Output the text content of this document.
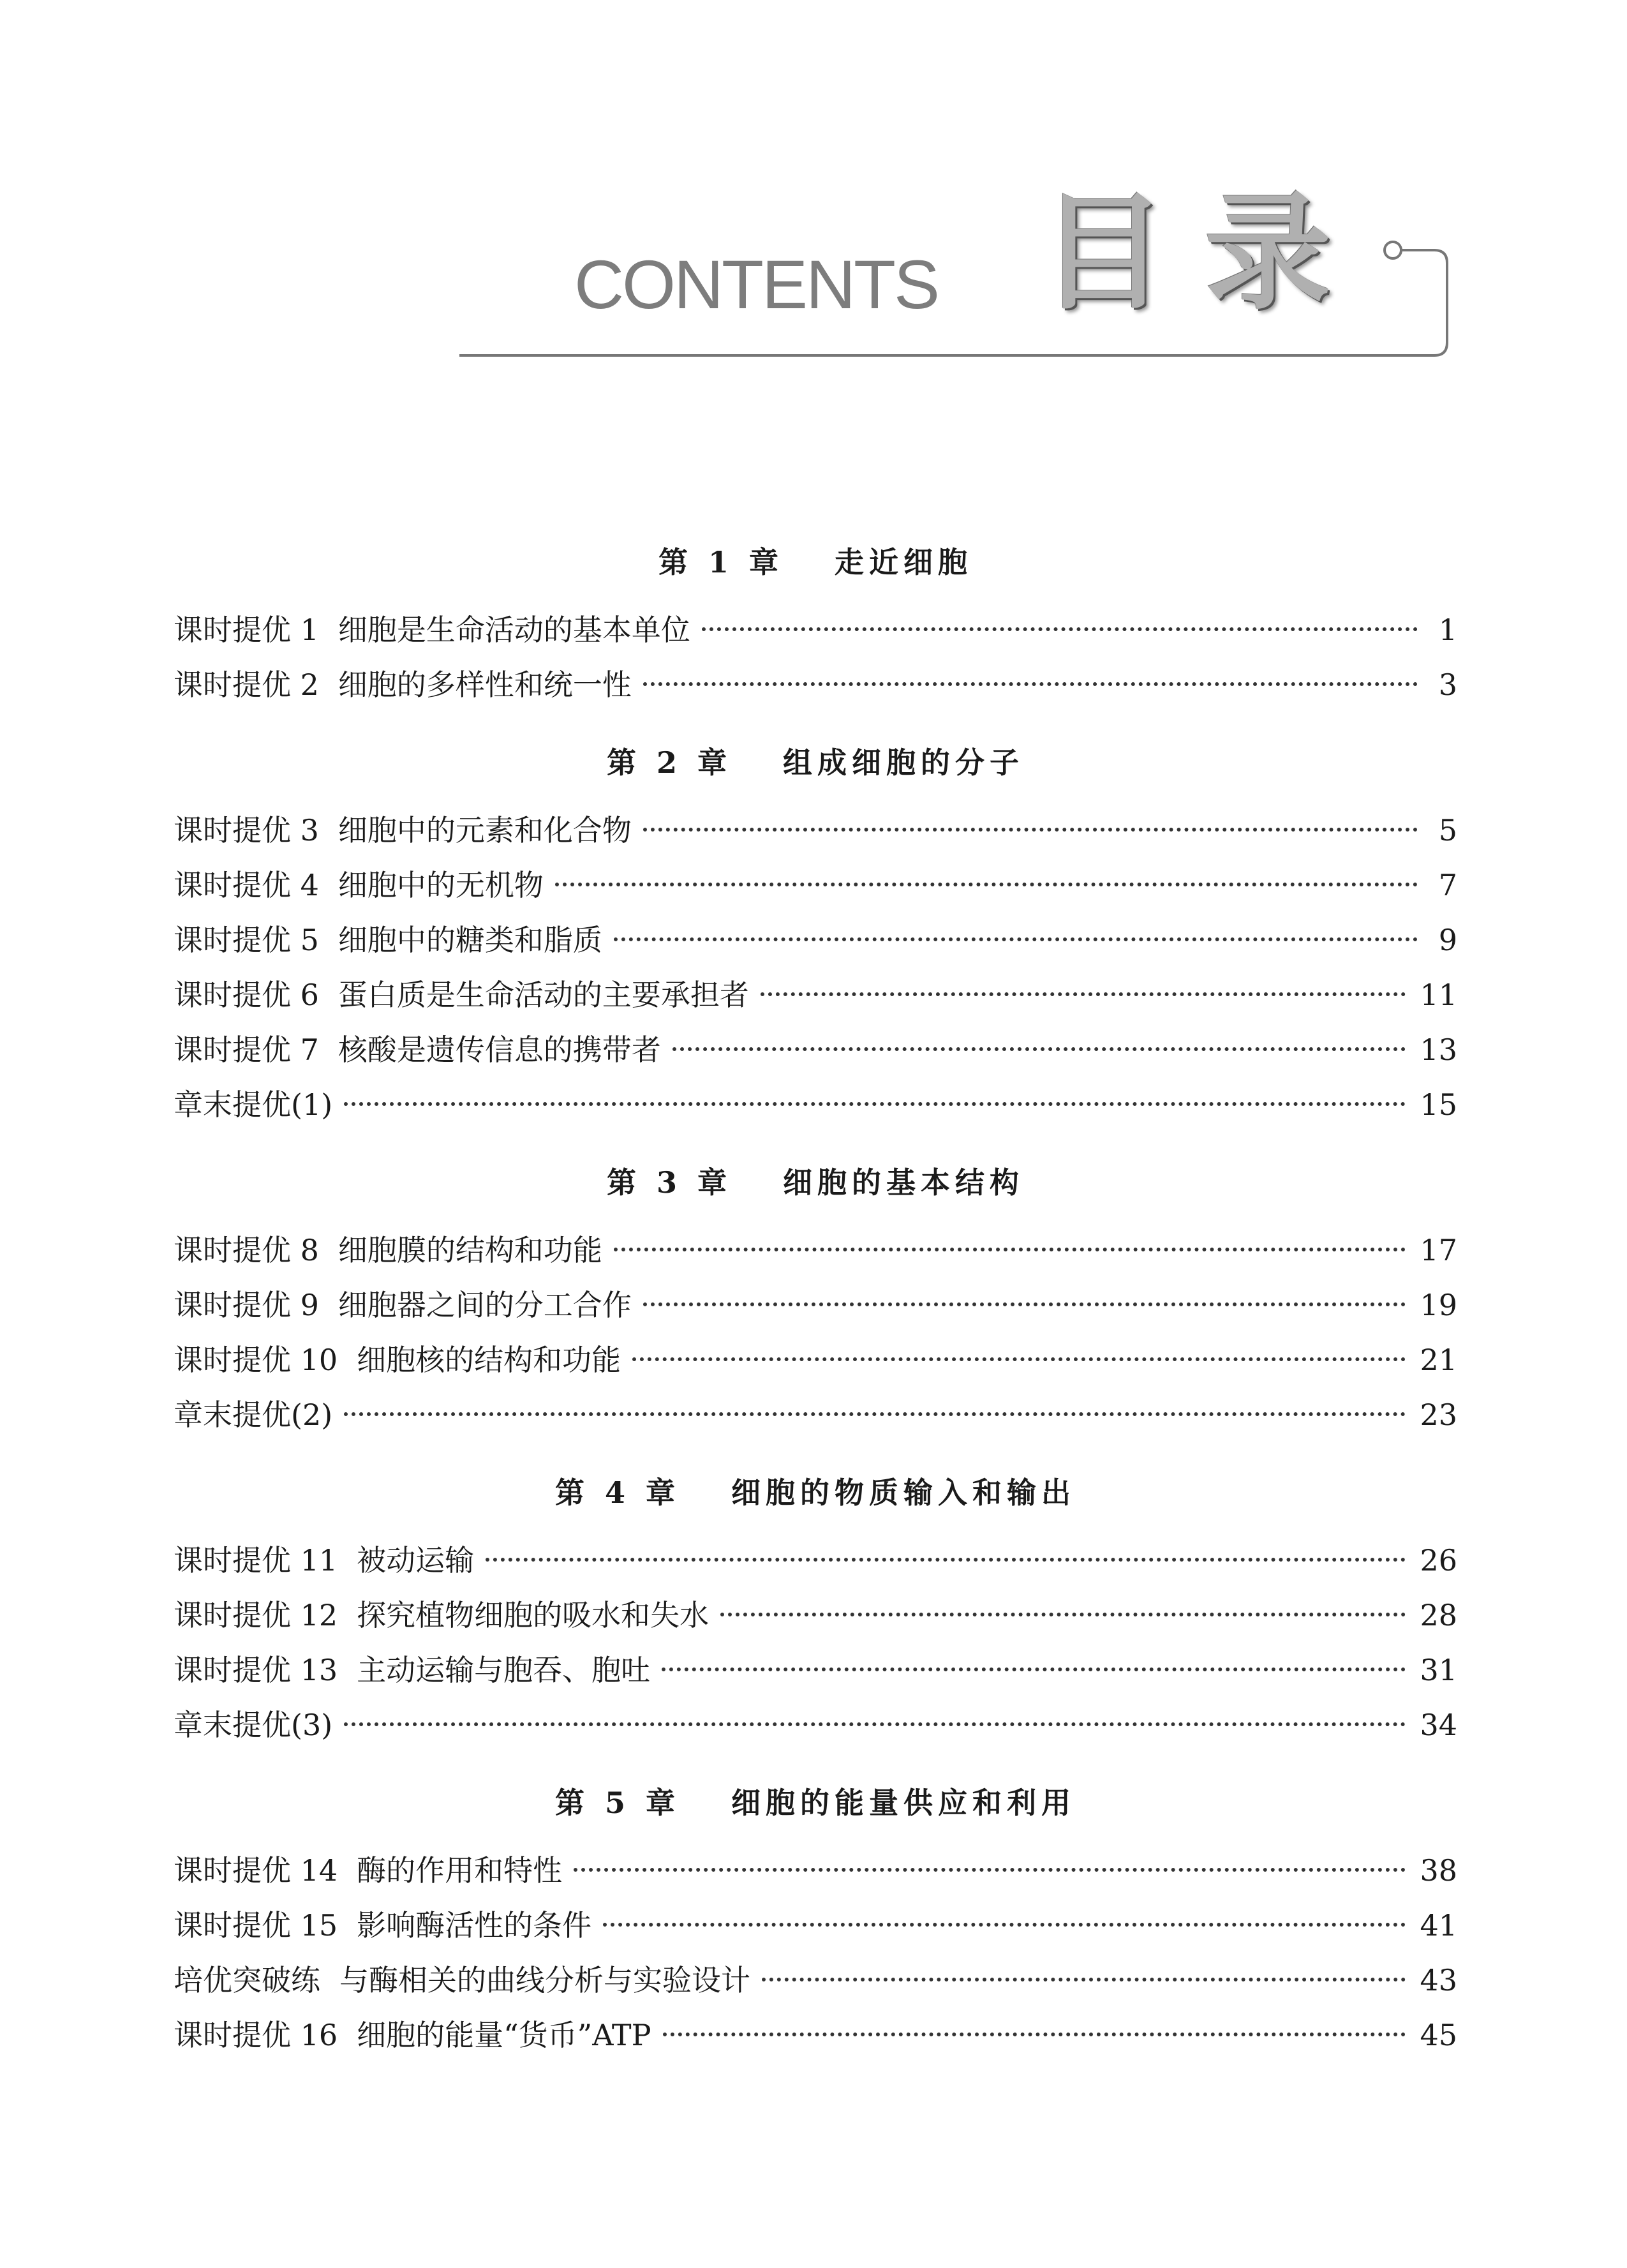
CONTENTS 目录
第 1 章 走近细胞
课时提优 1 细胞是生命活动的基本单位	1
课时提优 2 细胞的多样性和统一性	3
第 2 章 组成细胞的分子
课时提优 3 细胞中的元素和化合物	5
课时提优 4 细胞中的无机物	7
课时提优 5 细胞中的糖类和脂质	9
课时提优 6 蛋白质是生命活动的主要承担者	11
课时提优 7 核酸是遗传信息的携带者	13
章末提优(1)	15
第 3 章 细胞的基本结构
课时提优 8 细胞膜的结构和功能	17
课时提优 9 细胞器之间的分工合作	19
课时提优 10 细胞核的结构和功能	21
章末提优(2)	23
第 4 章 细胞的物质输入和输出
课时提优 11 被动运输	26
课时提优 12 探究植物细胞的吸水和失水	28
课时提优 13 主动运输与胞吞、胞吐	31
章末提优(3)	34
第 5 章 细胞的能量供应和利用
课时提优 14 酶的作用和特性	38
课时提优 15 影响酶活性的条件	41
培优突破练 与酶相关的曲线分析与实验设计	43
课时提优 16 细胞的能量“货币”ATP	45
